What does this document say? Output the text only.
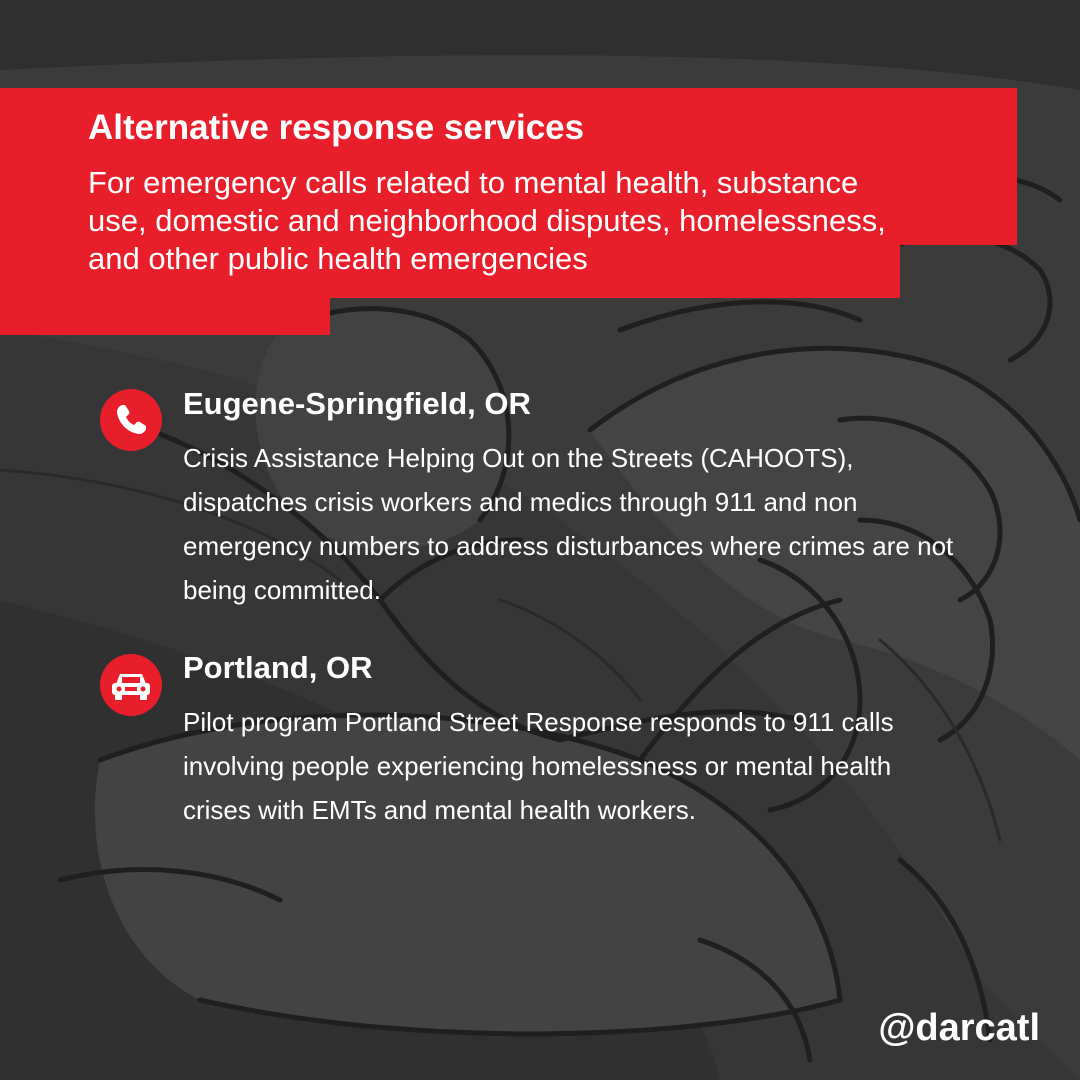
Alternative response services

For emergency calls related to mental health, substance use, domestic and neighborhood disputes, homelessness, and other public health emergencies

Eugene-Springfield, OR

Crisis Assistance Helping Out on the Streets (CAHOOTS), dispatches crisis workers and medics through 911 and non emergency numbers to address disturbances where crimes are not being committed.

Portland, OR

Pilot program Portland Street Response responds to 911 calls involving people experiencing homelessness or mental health crises with EMTs and mental health workers.

@darcatl
